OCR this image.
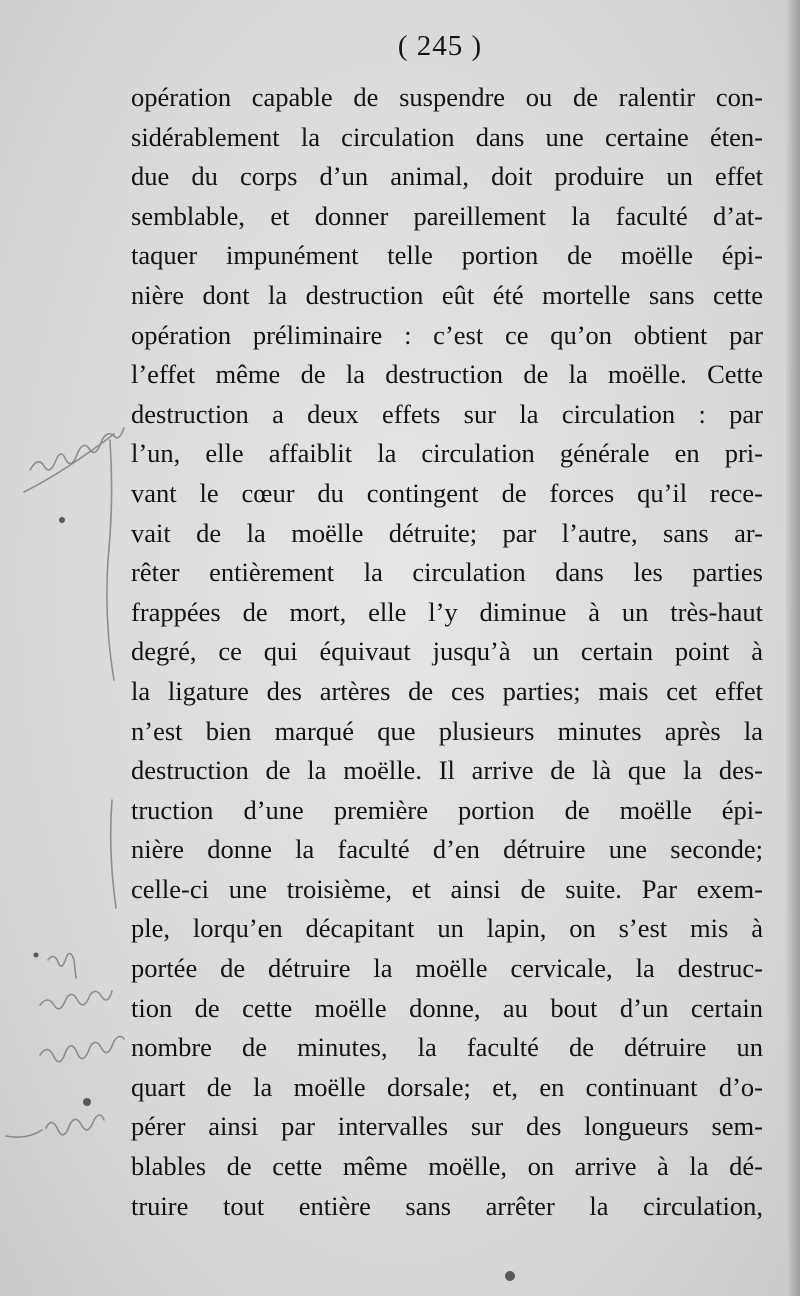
( 245 )
opération capable de suspendre ou de ralentir con-
sidérablement la circulation dans une certaine éten-
due du corps d’un animal, doit produire un effet
semblable, et donner pareillement la faculté d’at-
taquer impunément telle portion de moëlle épi-
nière dont la destruction eût été mortelle sans cette
opération préliminaire : c’est ce qu’on obtient par
l’effet même de la destruction de la moëlle. Cette
destruction a deux effets sur la circulation : par
l’un, elle affaiblit la circulation générale en pri-
vant le cœur du contingent de forces qu’il rece-
vait de la moëlle détruite; par l’autre, sans ar-
rêter entièrement la circulation dans les parties
frappées de mort, elle l’y diminue à un très-haut
degré, ce qui équivaut jusqu’à un certain point à
la ligature des artères de ces parties; mais cet effet
n’est bien marqué que plusieurs minutes après la
destruction de la moëlle. Il arrive de là que la des-
truction d’une première portion de moëlle épi-
nière donne la faculté d’en détruire une seconde;
celle-ci une troisième, et ainsi de suite. Par exem-
ple, lorqu’en décapitant un lapin, on s’est mis à
portée de détruire la moëlle cervicale, la destruc-
tion de cette moëlle donne, au bout d’un certain
nombre de minutes, la faculté de détruire un
quart de la moëlle dorsale; et, en continuant d’o-
pérer ainsi par intervalles sur des longueurs sem-
blables de cette même moëlle, on arrive à la dé-
truire tout entière sans arrêter la circulation,
